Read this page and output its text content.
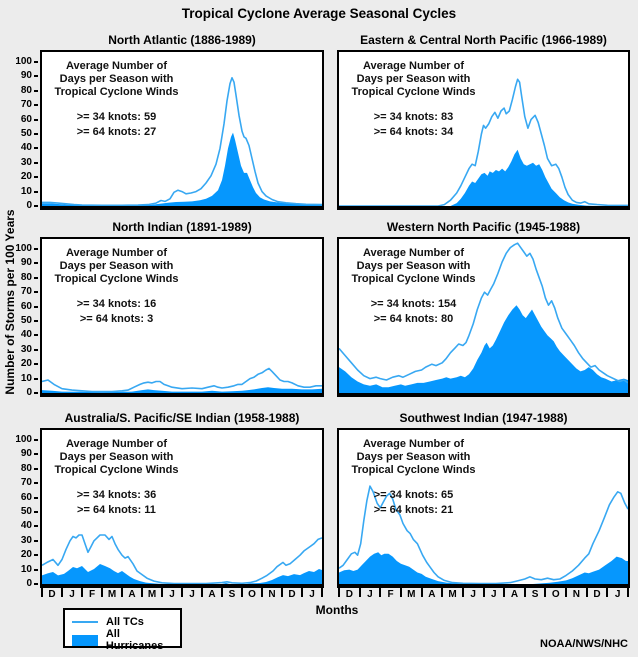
Tropical Cyclone Average Seasonal Cycles
Number of Storms per 100 Years
North Atlantic (1886-1989)
Average Number of
Days per Season with
Tropical Cyclone Winds
>= 34 knots: 59
>= 64 knots: 27
0
10
20
30
40
50
60
70
80
90
100
Eastern & Central North Pacific (1966-1989)
Average Number of
Days per Season with
Tropical Cyclone Winds
>= 34 knots: 83
>= 64 knots: 34
North Indian (1891-1989)
Average Number of
Days per Season with
Tropical Cyclone Winds
>= 34 knots: 16
>= 64 knots: 3
0
10
20
30
40
50
60
70
80
90
100
Western North Pacific (1945-1988)
Average Number of
Days per Season with
Tropical Cyclone Winds
>= 34 knots: 154
>= 64 knots: 80
Australia/S. Pacific/SE Indian (1958-1988)
Average Number of
Days per Season with
Tropical Cyclone Winds
>= 34 knots: 36
>= 64 knots: 11
0
10
20
30
40
50
60
70
80
90
100
D	J	F	M	A	M	J	J	A	S	O	N	D	J
Southwest Indian (1947-1988)
Average Number of
Days per Season with
Tropical Cyclone Winds
>= 34 knots: 65
>= 64 knots: 21
D	J	F	M	A	M	J	J	A	S	O	N	D	J
Months
All TCs
All Hurricanes	NOAA/NWS/NHC
